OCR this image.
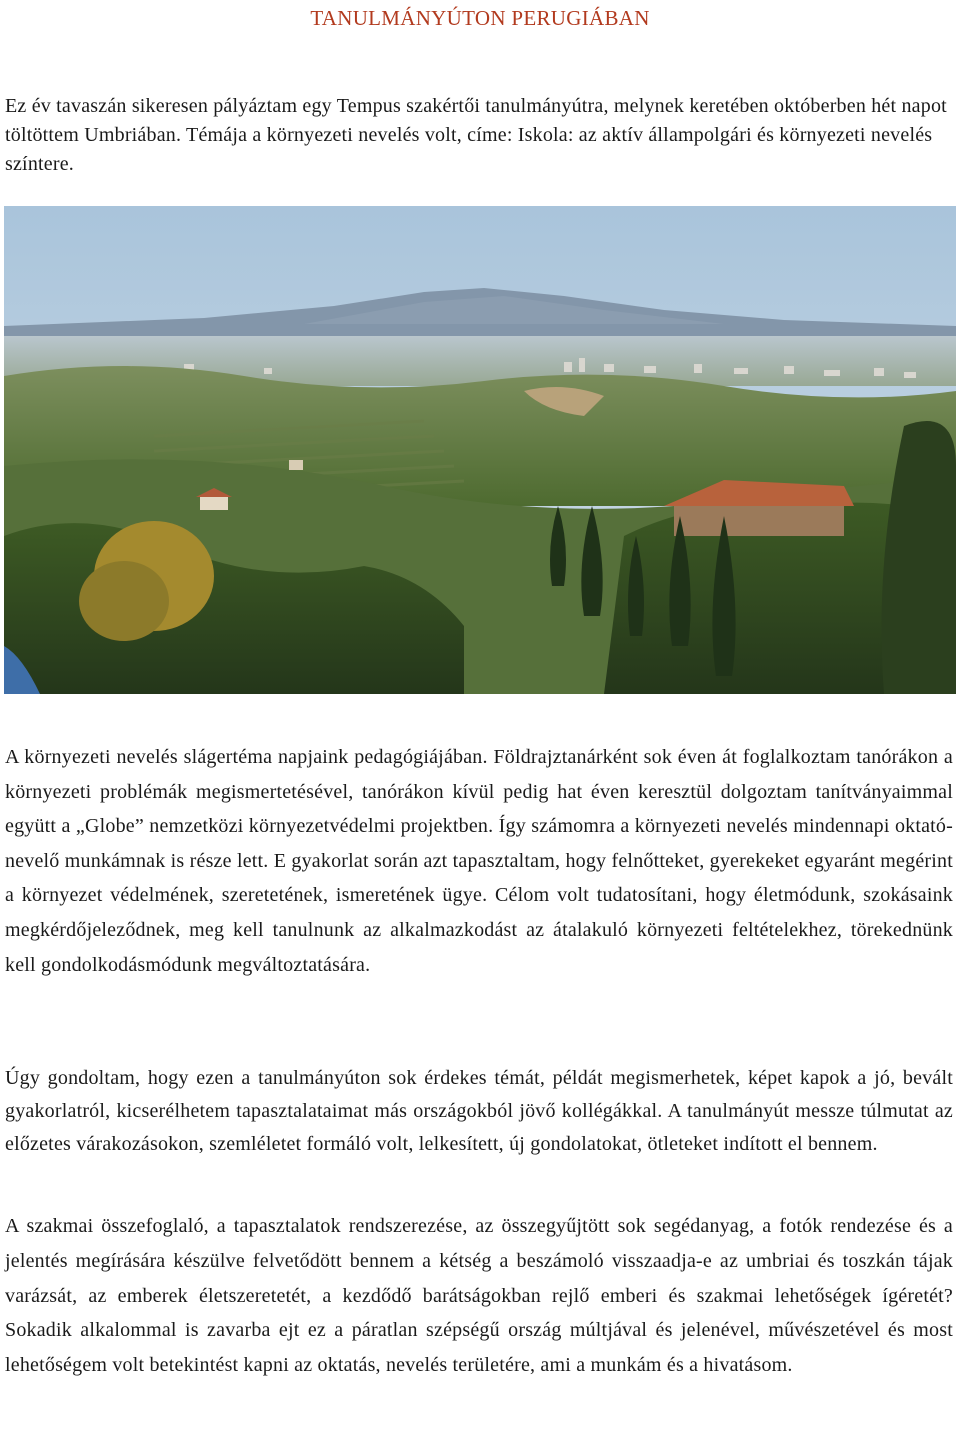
TANULMÁNYÚTON PERUGIÁBAN

Ez év tavaszán sikeresen pályáztam egy Tempus szakértői tanulmányútra, melynek keretében októberben hét napot töltöttem Umbriában. Témája a környezeti nevelés volt, címe: Iskola: az aktív állampolgári és környezeti nevelés színtere.

A környezeti nevelés slágertéma napjaink pedagógiájában. Földrajztanárként sok éven át foglalkoztam tanórákon a környezeti problémák megismertetésével, tanórákon kívül pedig hat éven keresztül dolgoztam tanítványaimmal együtt a „Globe” nemzetközi környezetvédelmi projektben. Így számomra a környezeti nevelés mindennapi oktató-nevelő munkámnak is része lett. E gyakorlat során azt tapasztaltam, hogy felnőtteket, gyerekeket egyaránt megérint a környezet védelmének, szeretetének, ismeretének ügye. Célom volt tudatosítani, hogy életmódunk, szokásaink megkérdőjeleződnek, meg kell tanulnunk az alkalmazkodást az átalakuló környezeti feltételekhez, törekednünk kell gondolkodásmódunk megváltoztatására.

Úgy gondoltam, hogy ezen a tanulmányúton sok érdekes témát, példát megismerhetek, képet kapok a jó, bevált gyakorlatról, kicserélhetem tapasztalataimat más országokból jövő kollégákkal. A tanulmányút messze túlmutat az előzetes várakozásokon, szemléletet formáló volt, lelkesített, új gondolatokat, ötleteket indított el bennem.

A szakmai összefoglaló, a tapasztalatok rendszerezése, az összegyűjtött sok segédanyag, a fotók rendezése és a jelentés megírására készülve felvetődött bennem a kétség a beszámoló visszaadja-e az umbriai és toszkán tájak varázsát, az emberek életszeretetét, a kezdődő barátságokban rejlő emberi és szakmai lehetőségek ígéretét? Sokadik alkalommal is zavarba ejt ez a páratlan szépségű ország múltjával és jelenével, művészetével és most lehetőségem volt betekintést kapni az oktatás, nevelés területére, ami a munkám és a hivatásom.
